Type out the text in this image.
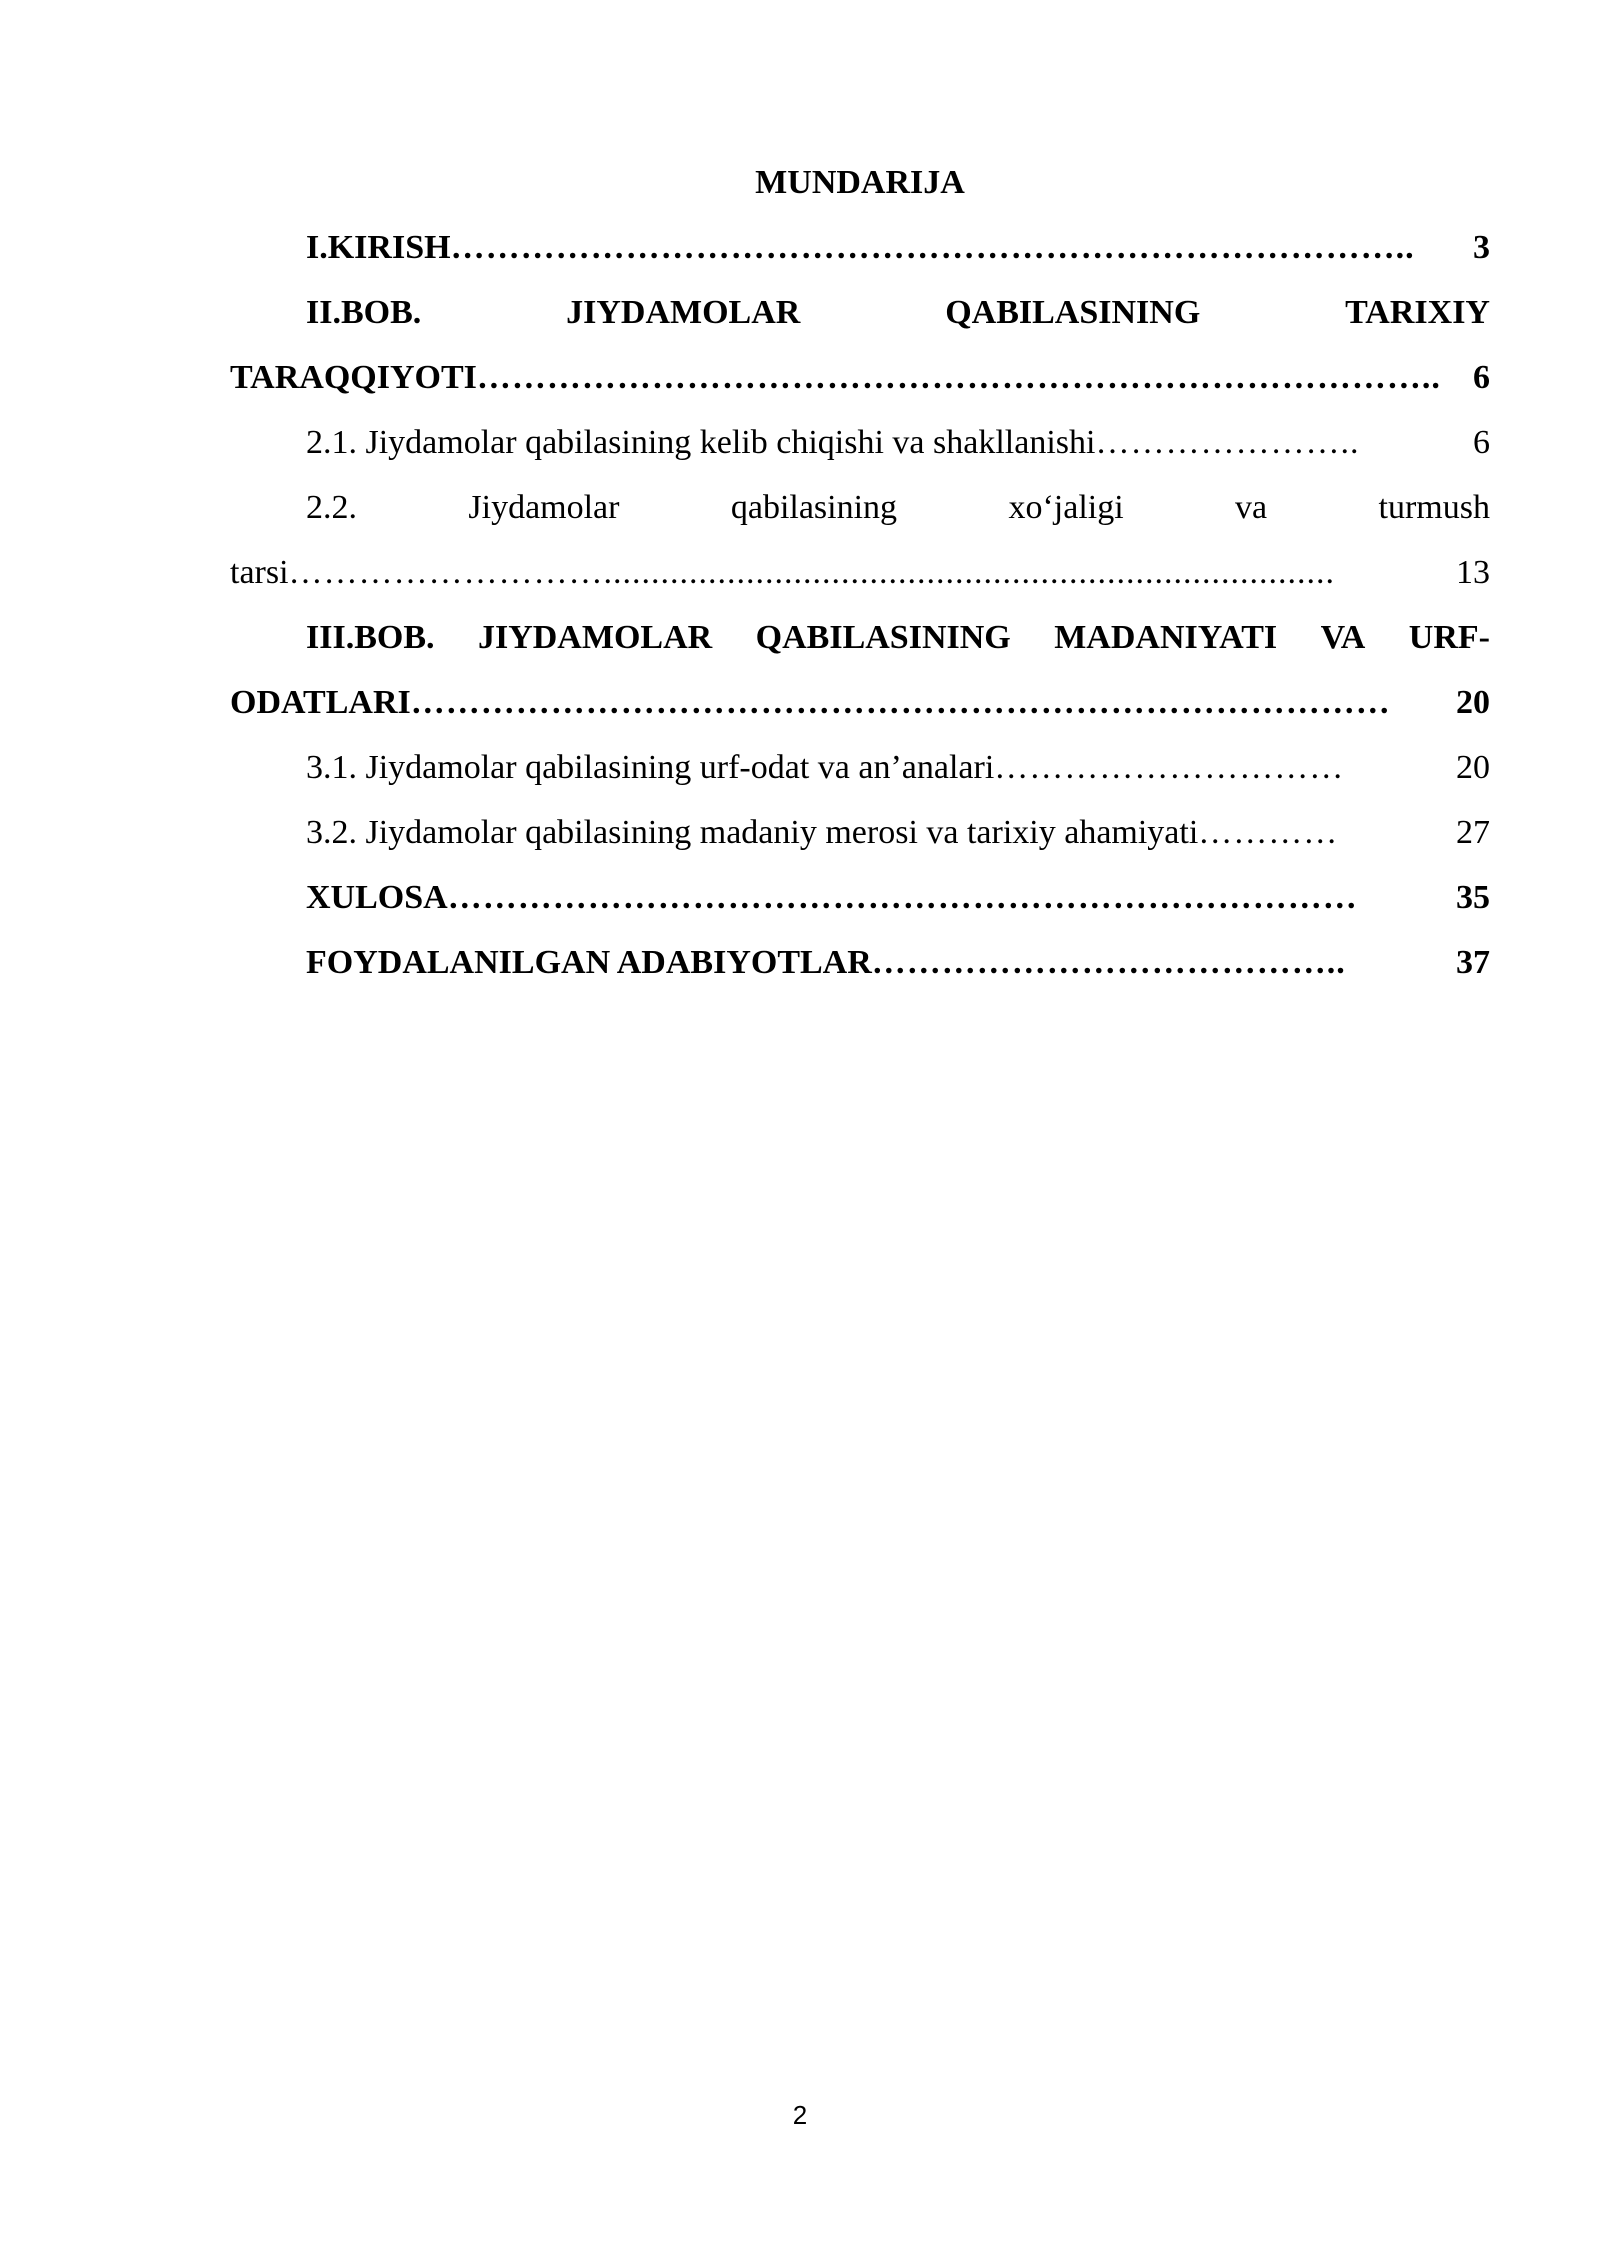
MUNDARIJA
I.KIRISH ………………………………………………………………………..	3
II.BOB.	JIYDAMOLAR	QABILASINING	TARIXIY
TARAQQIYOTI ……………………………………………………………………….. 6
2.1. Jiydamolar qabilasining kelib chiqishi va shakllanishi …………………..	6
2.2.	Jiydamolar	qabilasining	xo‘jaligi	va	turmush
tarsi ……………………….............................................................................	13
III.BOB. JIYDAMOLAR QABILASINING MADANIYATI VA URF-
ODATLARI …………………………………………………………………………	20
3.1. Jiydamolar qabilasining urf-odat va an’analari …………………………	20
3.2. Jiydamolar qabilasining madaniy merosi va tarixiy ahamiyati …………	27
XULOSA ……………………………………………………………………	35
FOYDALANILGAN ADABIYOTLAR …………………………………..	37
2
